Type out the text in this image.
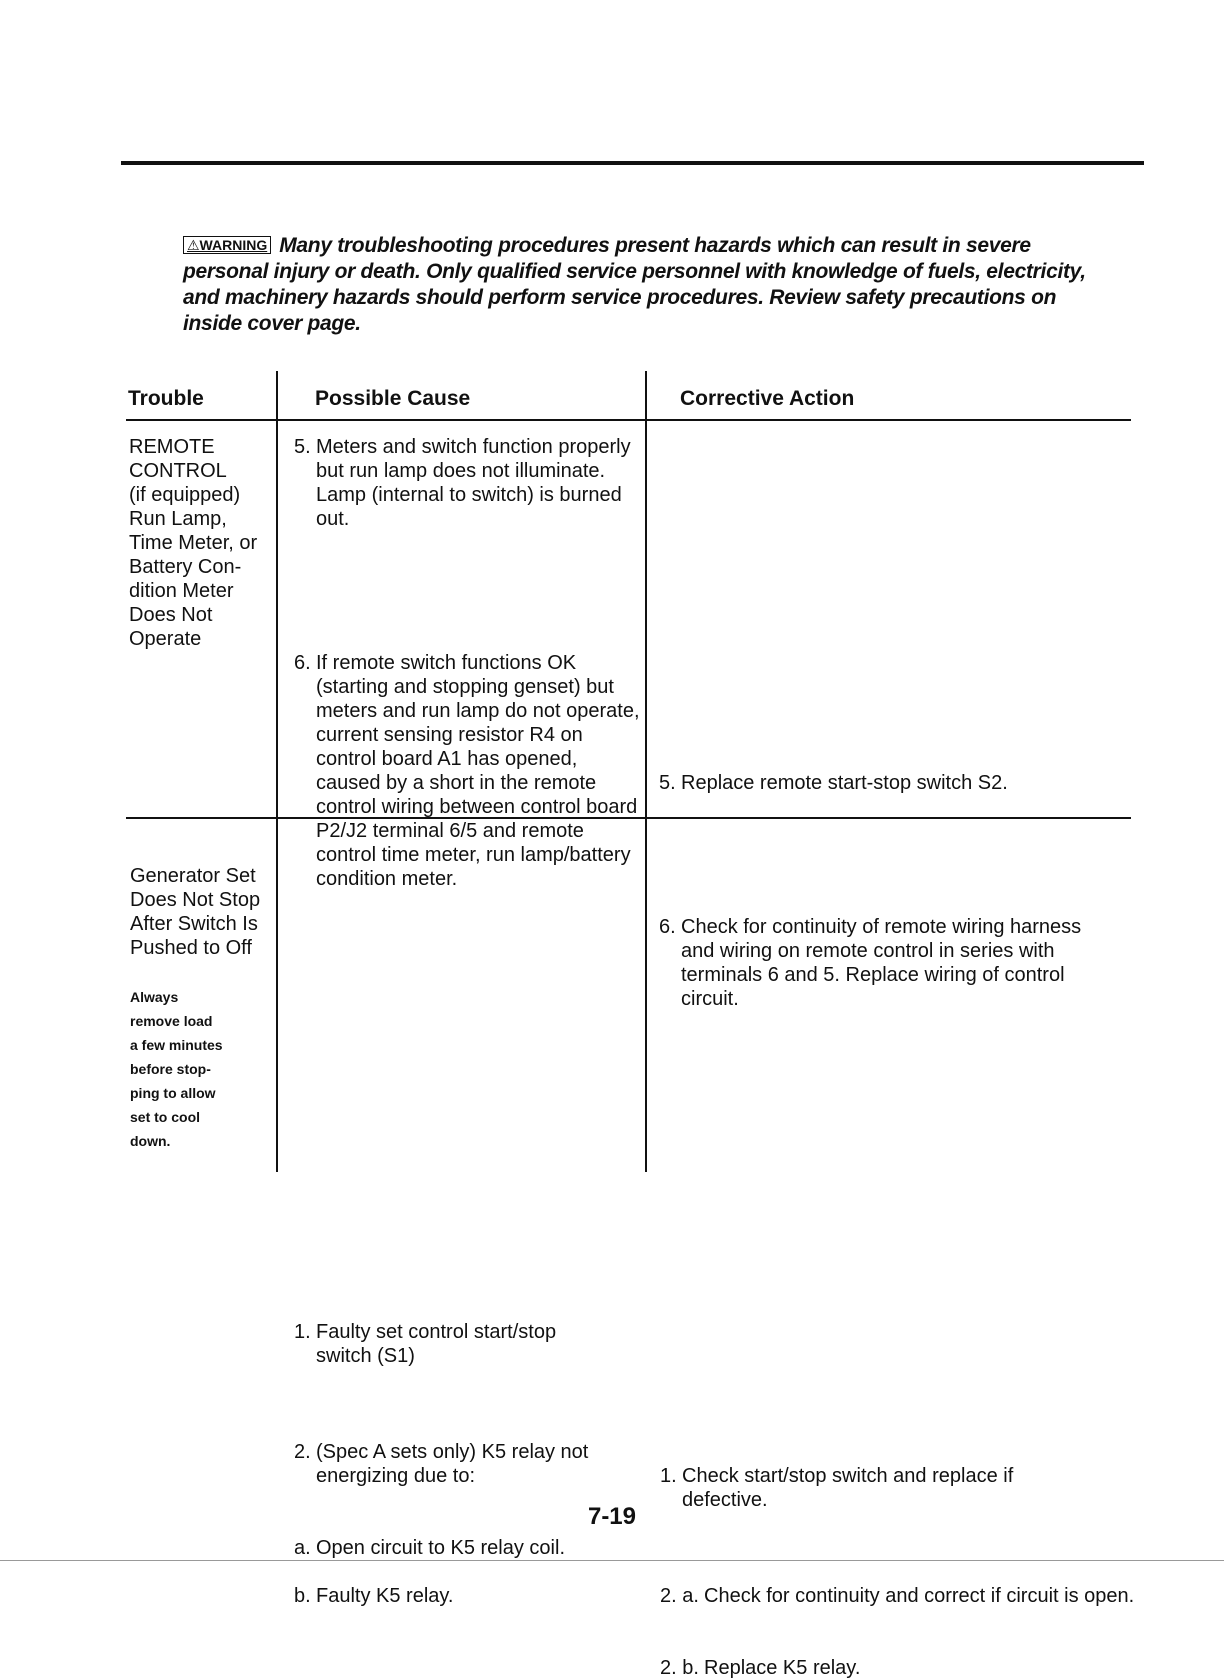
⚠WARNING Many troubleshooting procedures present hazards which can result in severe personal injury or death. Only qualified service personnel with knowledge of fuels, electricity, and machinery hazards should perform service procedures. Review safety precautions on inside cover page.
Trouble	Possible Cause	Corrective Action

REMOTE

CONTROL

(if equipped)

Run Lamp,

Time Meter, or

Battery Con-

dition Meter

Does Not

Operate

5. Meters and switch function properly but run lamp does not illuminate. Lamp (internal to switch) is burned out.
6. If remote switch functions OK (starting and stopping genset) but meters and run lamp do not operate, current sensing resistor R4 on control board A1 has opened, caused by a short in the remote control wiring between control board P2/J2 terminal 6/5 and remote control time meter, run lamp/battery condition meter.
5. Replace remote start-stop switch S2.
6. Check for continuity of remote wiring harness and wiring on remote control in series with terminals 6 and 5. Replace wiring of control circuit.

Generator Set

Does Not Stop

After Switch Is

Pushed to Off

Always

remove load

a few minutes

before stop-

ping to allow

set to cool

down.

1. Faulty set control start/stop switch (S1)
2. (Spec A sets only) K5 relay not energizing due to:
a. Open circuit to K5 relay coil.
b. Faulty K5 relay.
1. Check start/stop switch and replace if defective.
2. a. Check for continuity and correct if circuit is open.
2. b. Replace K5 relay.
7-19
